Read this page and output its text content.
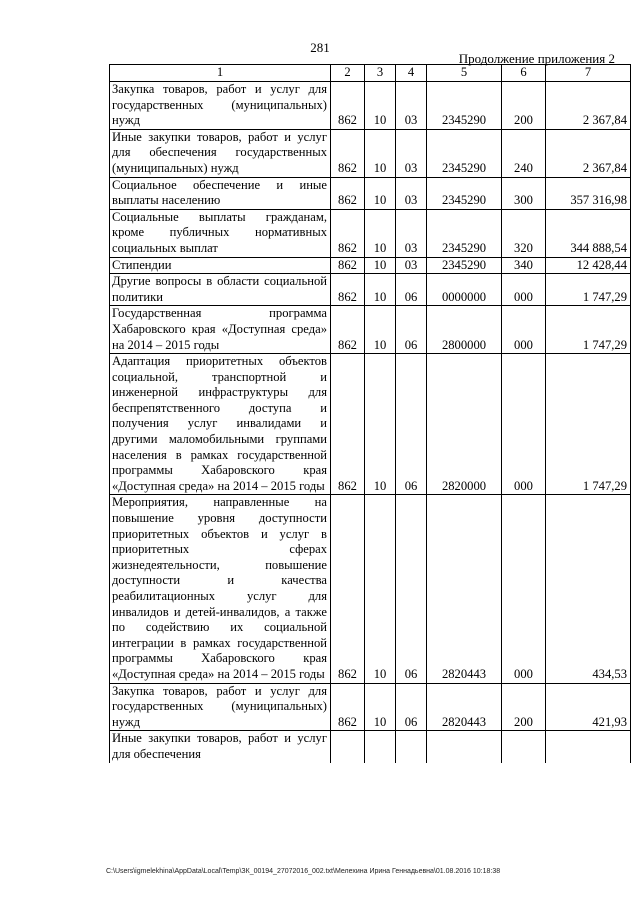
281
Продолжение приложения 2
1	2	3	4	5	6	7
Закупка товаров, работ и услуг для государственных (муниципальных) нужд	862	10	03	2345290	200	2 367,84
Иные закупки товаров, работ и услуг для обеспечения государственных (муниципальных) нужд	862	10	03	2345290	240	2 367,84
Социальное обеспечение и иные выплаты населению	862	10	03	2345290	300	357 316,98
Социальные выплаты гражданам, кроме публичных нормативных социальных выплат	862	10	03	2345290	320	344 888,54
Стипендии	862	10	03	2345290	340	12 428,44
Другие вопросы в области социальной политики	862	10	06	0000000	000	1 747,29
Государственная программа Хабаровского края «Доступная среда» на 2014 – 2015 годы	862	10	06	2800000	000	1 747,29
Адаптация приоритетных объектов социальной, транспортной и инженерной инфраструктуры для беспрепятственного доступа и получения услуг инвалидами и другими маломобильными группами населения в рамках государственной программы Хабаровского края «Доступная среда» на 2014 – 2015 годы	862	10	06	2820000	000	1 747,29
Мероприятия, направленные на повышение уровня доступности приоритетных объектов и услуг в приоритетных сферах жизнедеятельности, повышение доступности и качества реабилитационных услуг для инвалидов и детей-инвалидов, а также по содействию их социальной интеграции в рамках государственной программы Хабаровского края «Доступная среда» на 2014 – 2015 годы	862	10	06	2820443	000	434,53
Закупка товаров, работ и услуг для государственных (муниципальных) нужд	862	10	06	2820443	200	421,93
Иные закупки товаров, работ и услуг для обеспечения						
C:\Users\igmelekhina\AppData\Local\Temp\ЗК_00194_27072016_002.txt\Мелехина Ирина Геннадьевна\01.08.2016 10:18:38
